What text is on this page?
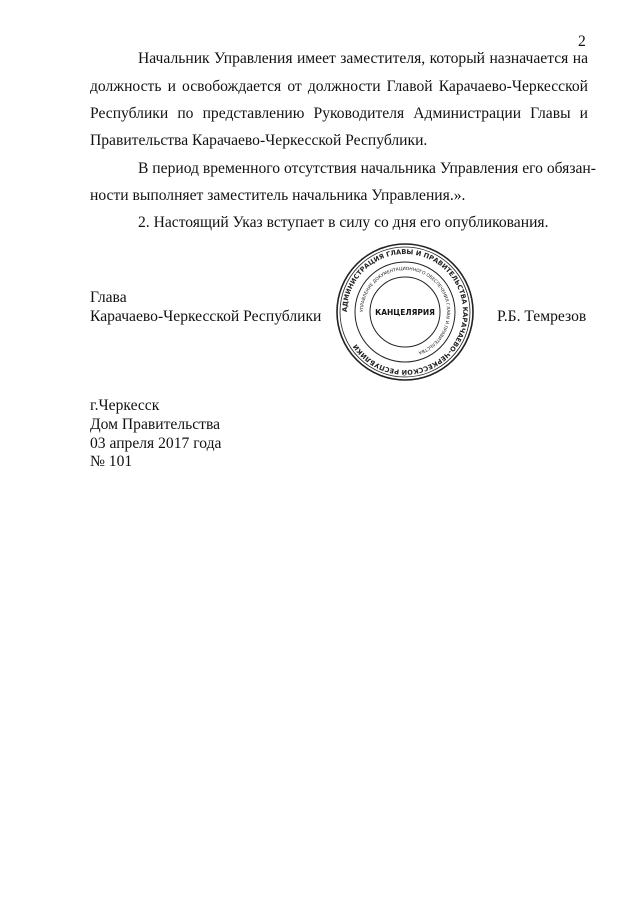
2
Начальник Управления имеет заместителя, который назначается на
должность и освобождается от должности Главой Карачаево-Черкесской
Республики по представлению Руководителя Администрации Главы и
Правительства Карачаево-Черкесской Республики.
В период временного отсутствия начальника Управления его обязан-
ности выполняет заместитель начальника Управления.».
2. Настоящий Указ вступает в силу со дня его опубликования.
Глава
Карачаево-Черкесской Республики	Р.Б. Темрезов
АДМИНИСТРАЦИЯ ГЛАВЫ И ПРАВИТЕЛЬСТВА КАРАЧАЕВО-ЧЕРКЕССКОЙ РЕСПУБЛИКИ
УПРАВЛЕНИЕ ДОКУМЕНТАЦИОННОГО ОБЕСПЕЧЕНИЯ ГЛАВЫ И ПРАВИТЕЛЬСТВА
КАНЦЕЛЯРИЯ
г.Черкесск
Дом Правительства
03 апреля 2017 года
№ 101
